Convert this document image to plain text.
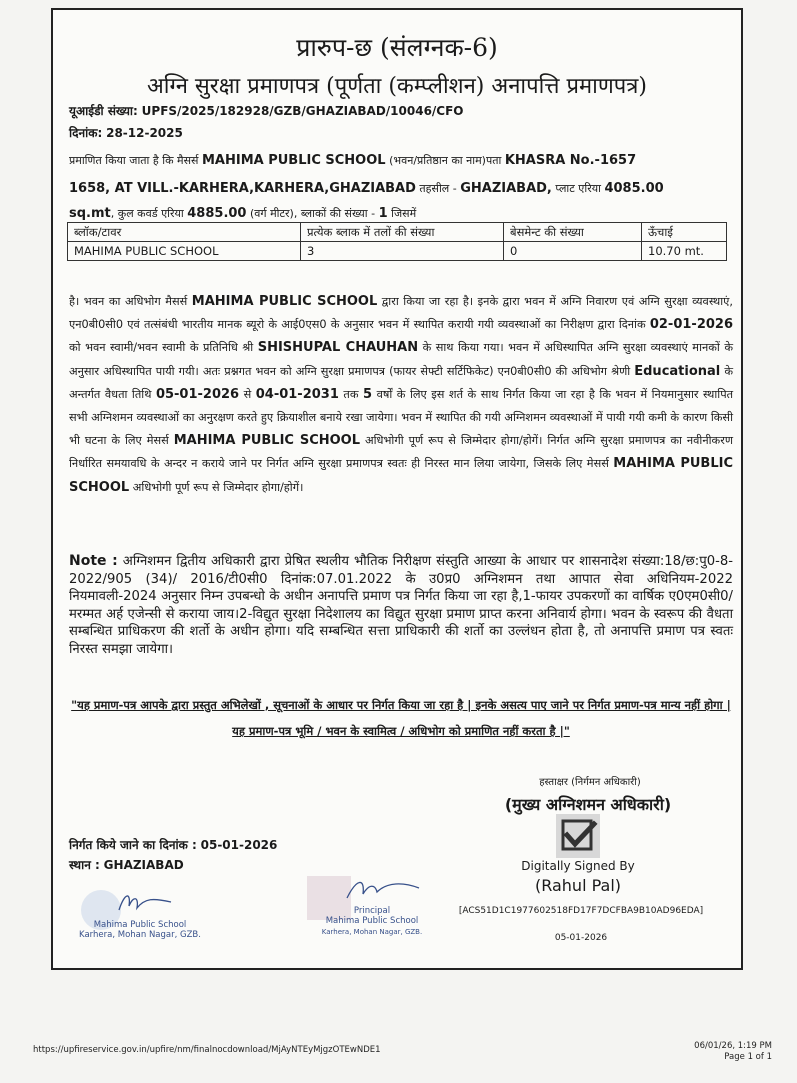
प्रारुप-छ (संलग्नक-6)
अग्नि सुरक्षा प्रमाणपत्र (पूर्णता (कम्प्लीशन) अनापत्ति प्रमाणपत्र)
यूआईडी संख्या: UPFS/2025/182928/GZB/GHAZIABAD/10046/CFO
दिनांक: 28-12-2025
प्रमाणित किया जाता है कि मैसर्स MAHIMA PUBLIC SCHOOL (भवन/प्रतिष्ठान का नाम)पता KHASRA No.-1657
1658, AT VILL.-KARHERA,KARHERA,GHAZIABAD तहसील - GHAZIABAD, प्लाट एरिया 4085.00
sq.mt, कुल कवर्ड एरिया 4885.00 (वर्ग मीटर), ब्लाकों की संख्या - 1 जिसमें
ब्लॉक/टावर	प्रत्येक ब्लाक में तलों की संख्या	बेसमेन्ट की संख्या	ऊँचाई
MAHIMA PUBLIC SCHOOL	3	0	10.70 mt.
है। भवन का अधिभोग मैसर्स MAHIMA PUBLIC SCHOOL द्वारा किया जा रहा है। इनके द्वारा भवन में अग्नि निवारण एवं अग्नि सुरक्षा व्यवस्थाएं, एन0बी0सी0 एवं तत्संबंधी भारतीय मानक ब्यूरो के आई0एस0 के अनुसार भवन में स्थापित करायी गयी व्यवस्थाओं का निरीक्षण द्वारा दिनांक 02-01-2026 को भवन स्वामी/भवन स्वामी के प्रतिनिधि श्री SHISHUPAL CHAUHAN के साथ किया गया। भवन में अधिस्थापित अग्नि सुरक्षा व्यवस्थाएं मानकों के अनुसार अधिस्थापित पायी गयी। अतः प्रश्नगत भवन को अग्नि सुरक्षा प्रमाणपत्र (फायर सेफ्टी सर्टिफिकेट) एन0बी0सी0 की अधिभोग श्रेणी Educational के अन्तर्गत वैधता तिथि 05-01-2026 से 04-01-2031 तक 5 वर्षों के लिए इस शर्त के साथ निर्गत किया जा रहा है कि भवन में नियमानुसार स्थापित सभी अग्निशमन व्यवस्थाओं का अनुरक्षण करते हुए क्रियाशील बनाये रखा जायेगा। भवन में स्थापित की गयी अग्निशमन व्यवस्थाओं में पायी गयी कमी के कारण किसी भी घटना के लिए मेसर्स MAHIMA PUBLIC SCHOOL अधिभोगी पूर्ण रूप से जिम्मेदार होगा/होगें। निर्गत अग्नि सुरक्षा प्रमाणपत्र का नवीनीकरण निर्धारित समयावधि के अन्दर न कराये जाने पर निर्गत अग्नि सुरक्षा प्रमाणपत्र स्वतः ही निरस्त मान लिया जायेगा, जिसके लिए मेसर्स MAHIMA PUBLIC SCHOOL अधिभोगी पूर्ण रूप से जिम्मेदार होगा/होगें।
Note : अग्निशमन द्वितीय अधिकारी द्वारा प्रेषित स्थलीय भौतिक निरीक्षण संस्तुति आख्या के आधार पर शासनादेश संख्या:18/छ:पु0-8-2022/905 (34)/ 2016/टी0सी0 दिनांक:07.01.2022 के उ0प्र0 अग्निशमन तथा आपात सेवा अधिनियम-2022 नियमावली-2024 अनुसार निम्न उपबन्धो के अधीन अनापत्ति प्रमाण पत्र निर्गत किया जा रहा है,1-फायर उपकरणों का वार्षिक ए0एम0सी0/मरम्मत अर्ह एजेन्सी से कराया जाय।2-विद्युत सुरक्षा निदेशालय का विद्युत सुरक्षा प्रमाण प्राप्त करना अनिवार्य होगा। भवन के स्वरूप की वैधता सम्बन्धित प्राधिकरण की शर्तो के अधीन होगा। यदि सम्बन्धित सत्ता प्राधिकारी की शर्तो का उल्लंधन होता है, तो अनापत्ति प्रमाण पत्र स्वतः निरस्त समझा जायेगा।
"यह प्रमाण-पत्र आपके द्वारा प्रस्तुत अभिलेखों , सूचनाओं के आधार पर निर्गत किया जा रहा है | इनके असत्य पाए जाने पर निर्गत प्रमाण-पत्र मान्य नहीं होगा | यह प्रमाण-पत्र भूमि / भवन के स्वामित्व / अधिभोग को प्रमाणित नहीं करता है |"
हस्ताक्षर (निर्गमन अधिकारी)
(मुख्य अग्निशमन अधिकारी)
Digitally Signed By
(Rahul Pal)
[ACS51D1C1977602518FD17F7DCFBA9B10AD96EDA]
05-01-2026
निर्गत किये जाने का दिनांक : 05-01-2026
स्थान : GHAZIABAD
Mahima Public School
Karhera, Mohan Nagar, GZB.
Principal
Mahima Public School
Karhera, Mohan Nagar, GZB.
https://upfireservice.gov.in/upfire/nm/finalnocdownload/MjAyNTEyMjgzOTEwNDE1	06/01/26, 1:19 PM
Page 1 of 1
